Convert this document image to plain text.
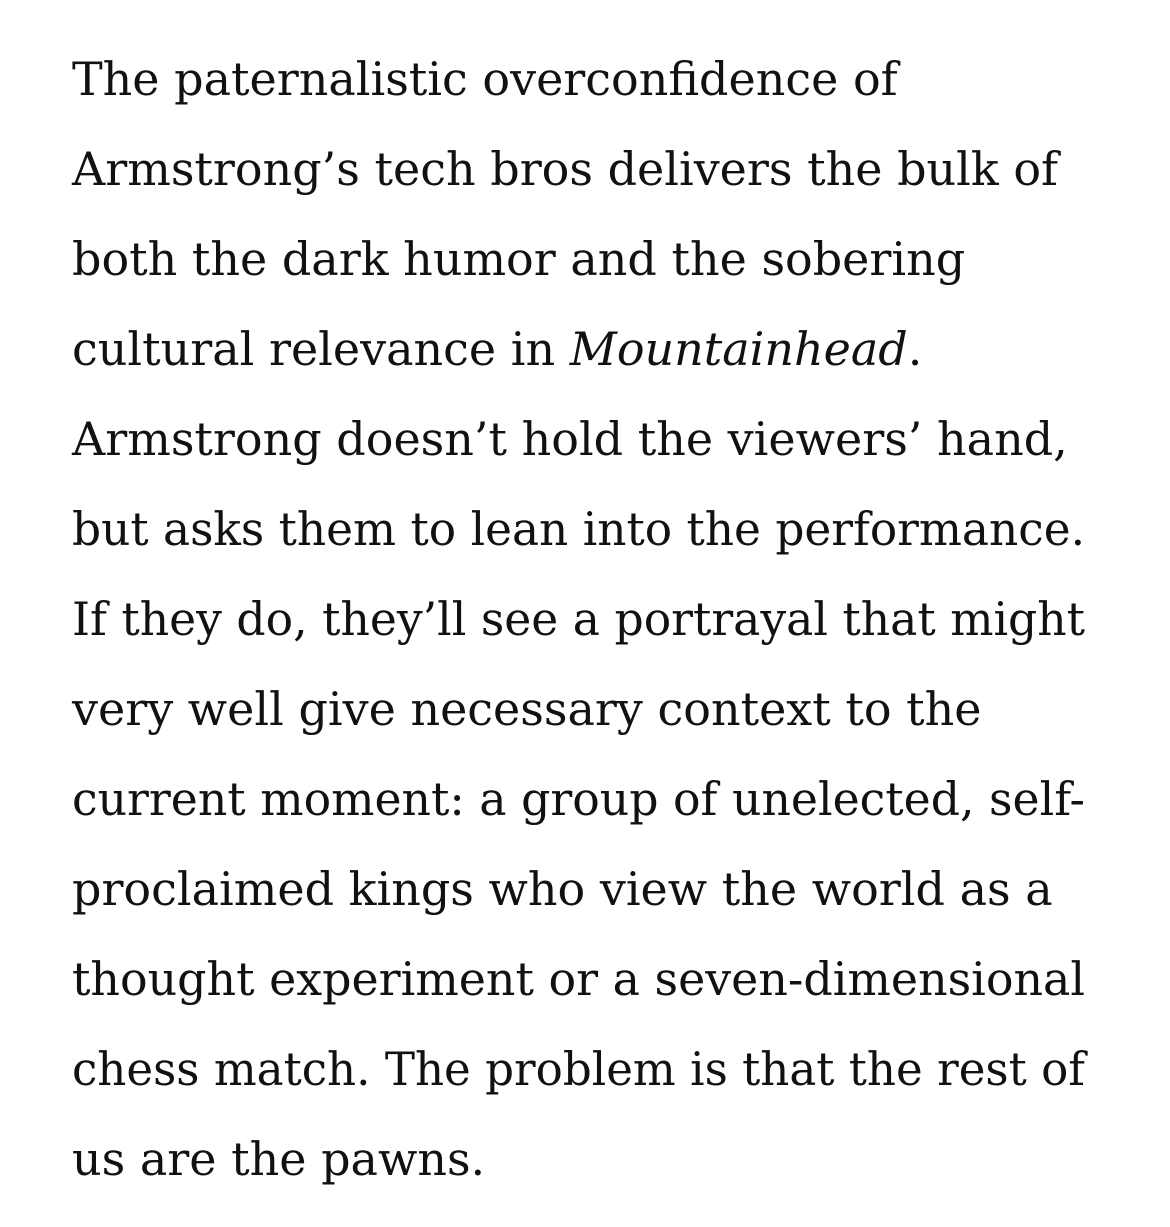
The paternalistic overconfidence of
Armstrong’s tech bros delivers the bulk of
both the dark humor and the sobering
cultural relevance in Mountainhead.
Armstrong doesn’t hold the viewers’ hand,
but asks them to lean into the performance.
If they do, they’ll see a portrayal that might
very well give necessary context to the
current moment: a group of unelected, self-
proclaimed kings who view the world as a
thought experiment or a seven-dimensional
chess match. The problem is that the rest of
us are the pawns.
